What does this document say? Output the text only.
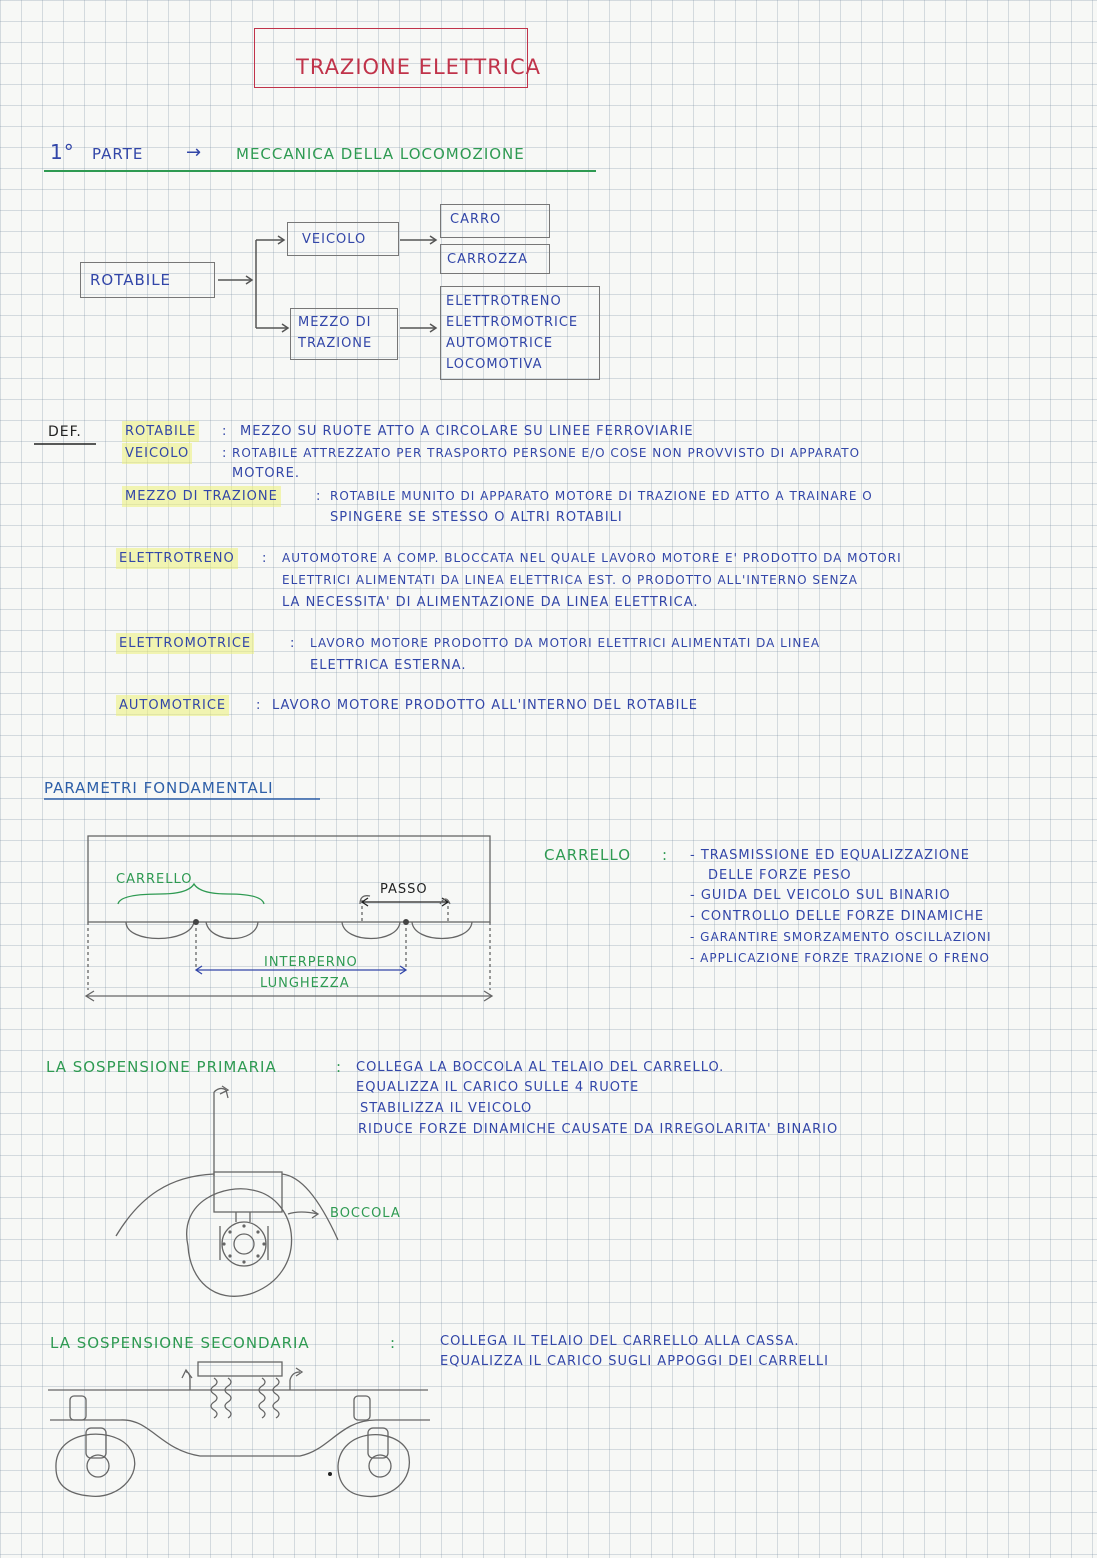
TRAZIONE ELETTRICA
1° PARTE → MECCANICA DELLA LOCOMOZIONE
ROTABILE
VEICOLO
MEZZO DI
TRAZIONE
CARRO
CARROZZA
ELETTROTRENO
ELETTROMOTRICE
AUTOMOTRICE
LOCOMOTIVA
DEF.	ROTABILE : MEZZO SU RUOTE ATTO A CIRCOLARE SU LINEE FERROVIARIE
VEICOLO	: ROTABILE ATTREZZATO PER TRASPORTO PERSONE E/O COSE NON PROVVISTO DI APPARATO
MOTORE.
MEZZO DI TRAZIONE	: ROTABILE MUNITO DI APPARATO MOTORE DI TRAZIONE ED ATTO A TRAINARE O
SPINGERE SE STESSO O ALTRI ROTABILI
ELETTROTRENO : AUTOMOTORE A COMP. BLOCCATA NEL QUALE LAVORO MOTORE E' PRODOTTO DA MOTORI
ELETTRICI ALIMENTATI DA LINEA ELETTRICA EST. O PRODOTTO ALL'INTERNO SENZA
LA NECESSITA' DI ALIMENTAZIONE DA LINEA ELETTRICA.
ELETTROMOTRICE	: LAVORO MOTORE PRODOTTO DA MOTORI ELETTRICI ALIMENTATI DA LINEA
ELETTRICA ESTERNA.
AUTOMOTRICE : LAVORO MOTORE PRODOTTO ALL'INTERNO DEL ROTABILE
PARAMETRI FONDAMENTALI
CARRELLO
PASSO
INTERPERNO
LUNGHEZZA
CARRELLO : - TRASMISSIONE ED EQUALIZZAZIONE
DELLE FORZE PESO
- GUIDA DEL VEICOLO SUL BINARIO
- CONTROLLO DELLE FORZE DINAMICHE
- GARANTIRE SMORZAMENTO OSCILLAZIONI
- APPLICAZIONE FORZE TRAZIONE O FRENO
LA SOSPENSIONE PRIMARIA	: COLLEGA LA BOCCOLA AL TELAIO DEL CARRELLO.
EQUALIZZA IL CARICO SULLE 4 RUOTE
STABILIZZA IL VEICOLO
RIDUCE FORZE DINAMICHE CAUSATE DA IRREGOLARITA' BINARIO
BOCCOLA
LA SOSPENSIONE SECONDARIA	:	COLLEGA IL TELAIO DEL CARRELLO ALLA CASSA.
EQUALIZZA IL CARICO SUGLI APPOGGI DEI CARRELLI
